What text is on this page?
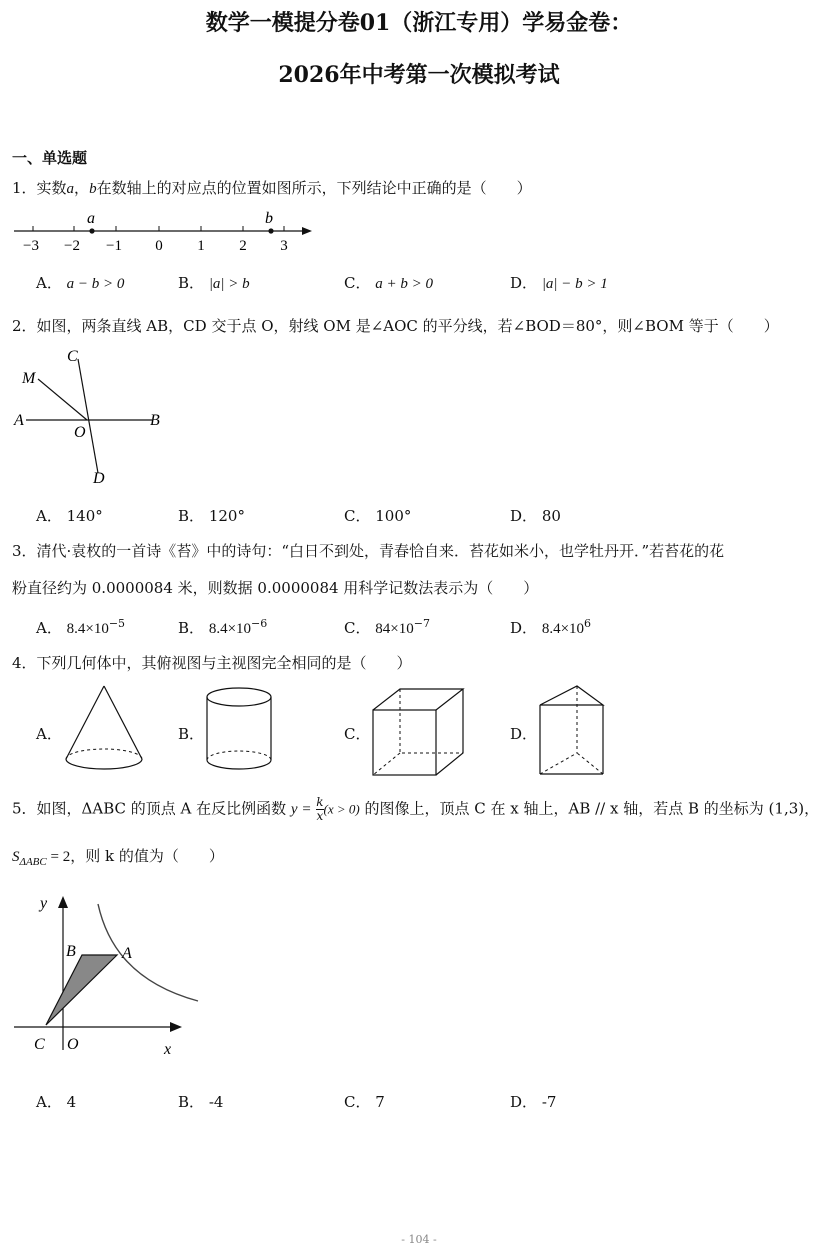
数学一模提分卷01（浙江专用）学易金卷：
2026年中考第一次模拟考试
一、单选题
1．实数a，b在数轴上的对应点的位置如图所示，下列结论中正确的是（　　）
a	b
−3 −2 −1 0 1 2 3
A． a − b > 0	B． |a| > b	C． a + b > 0	D． |a| − b > 1
2．如图，两条直线 AB，CD 交于点 O，射线 OM 是∠AOC 的平分线，若∠BOD＝80°，则∠BOM 等于（　　）
C
M
A
O
B
D
A． 140°	B． 120°	C． 100°	D． 80
3．清代·袁枚的一首诗《苔》中的诗句：“白日不到处，青春恰自来．苔花如米小，也学牡丹开．”若苔花的花
粉直径约为 0.0000084 米，则数据 0.0000084 用科学记数法表示为（　　）
A． $8.4\times 10^{-5}$	B． $8.4\times 10^{-6}$	C． $84\times 10^{-7}$	D． $8.4\times 10^6$
4．下列几何体中，其俯视图与主视图完全相同的是（　　）
A．	B．	C．	D．
5．如图，ΔABC 的顶点 A 在反比例函数 $y = \frac{k}{x} (x > 0)$ 的图像上，顶点 C 在 x 轴上，AB // x 轴，若点 B 的坐标为 (1,3)，
$S_{\Delta ABC} = 2$，则 k 的值为（　　）
y
x
B	A
C O
A． 4	B． -4	C． 7	D． -7
- 104 -
